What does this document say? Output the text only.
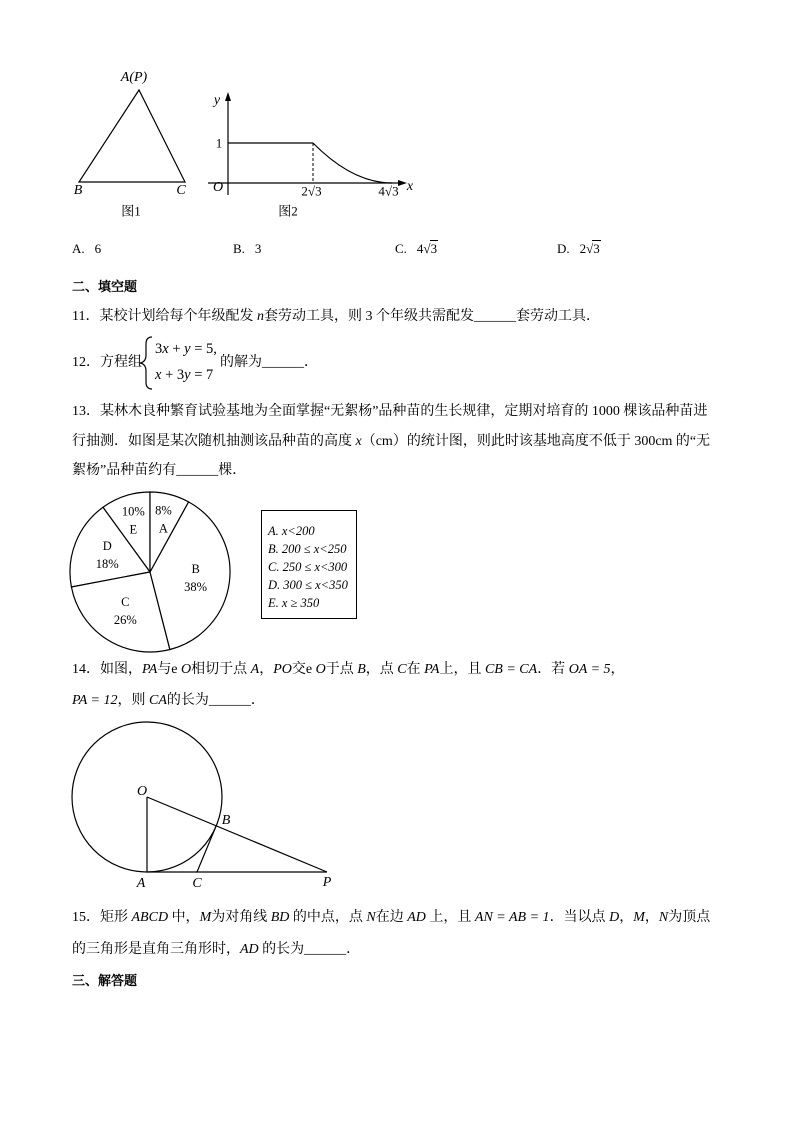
A(P)
B	C
图1
y
1
O	2√3	4√3 x
图2
A. 6	B. 3	C. 4√3	D. 2√3
二、填空题
11．某校计划给每个年级配发 n套劳动工具，则 3 个年级共需配发______套劳动工具．
12．方程组
3x + y = 5,
x + 3y = 7
的解为______．
13．某林木良种繁育试验基地为全面掌握“无絮杨”品种苗的生长规律，定期对培育的 1000 棵该品种苗进
行抽测．如图是某次随机抽测该品种苗的高度 x（cm）的统计图，则此时该基地高度不低于 300cm 的“无
絮杨”品种苗约有______棵．
8%
A
B
38%
C
26%
D
18%
10%
E	A. x<200
B. 200 ≤ x<250
C. 250 ≤ x<300
D. 300 ≤ x<350
E. x ≥ 350
14．如图，PA与e O相切于点 A，PO交e O于点 B，点 C在 PA上，且 CB = CA．若 OA = 5，
PA = 12，则 CA的长为______．
O
B
A	C	P
15．矩形 ABCD 中，M为对角线 BD 的中点，点 N在边 AD 上，且 AN = AB = 1．当以点 D，M，N为顶点
的三角形是直角三角形时，AD 的长为______．
三、解答题
